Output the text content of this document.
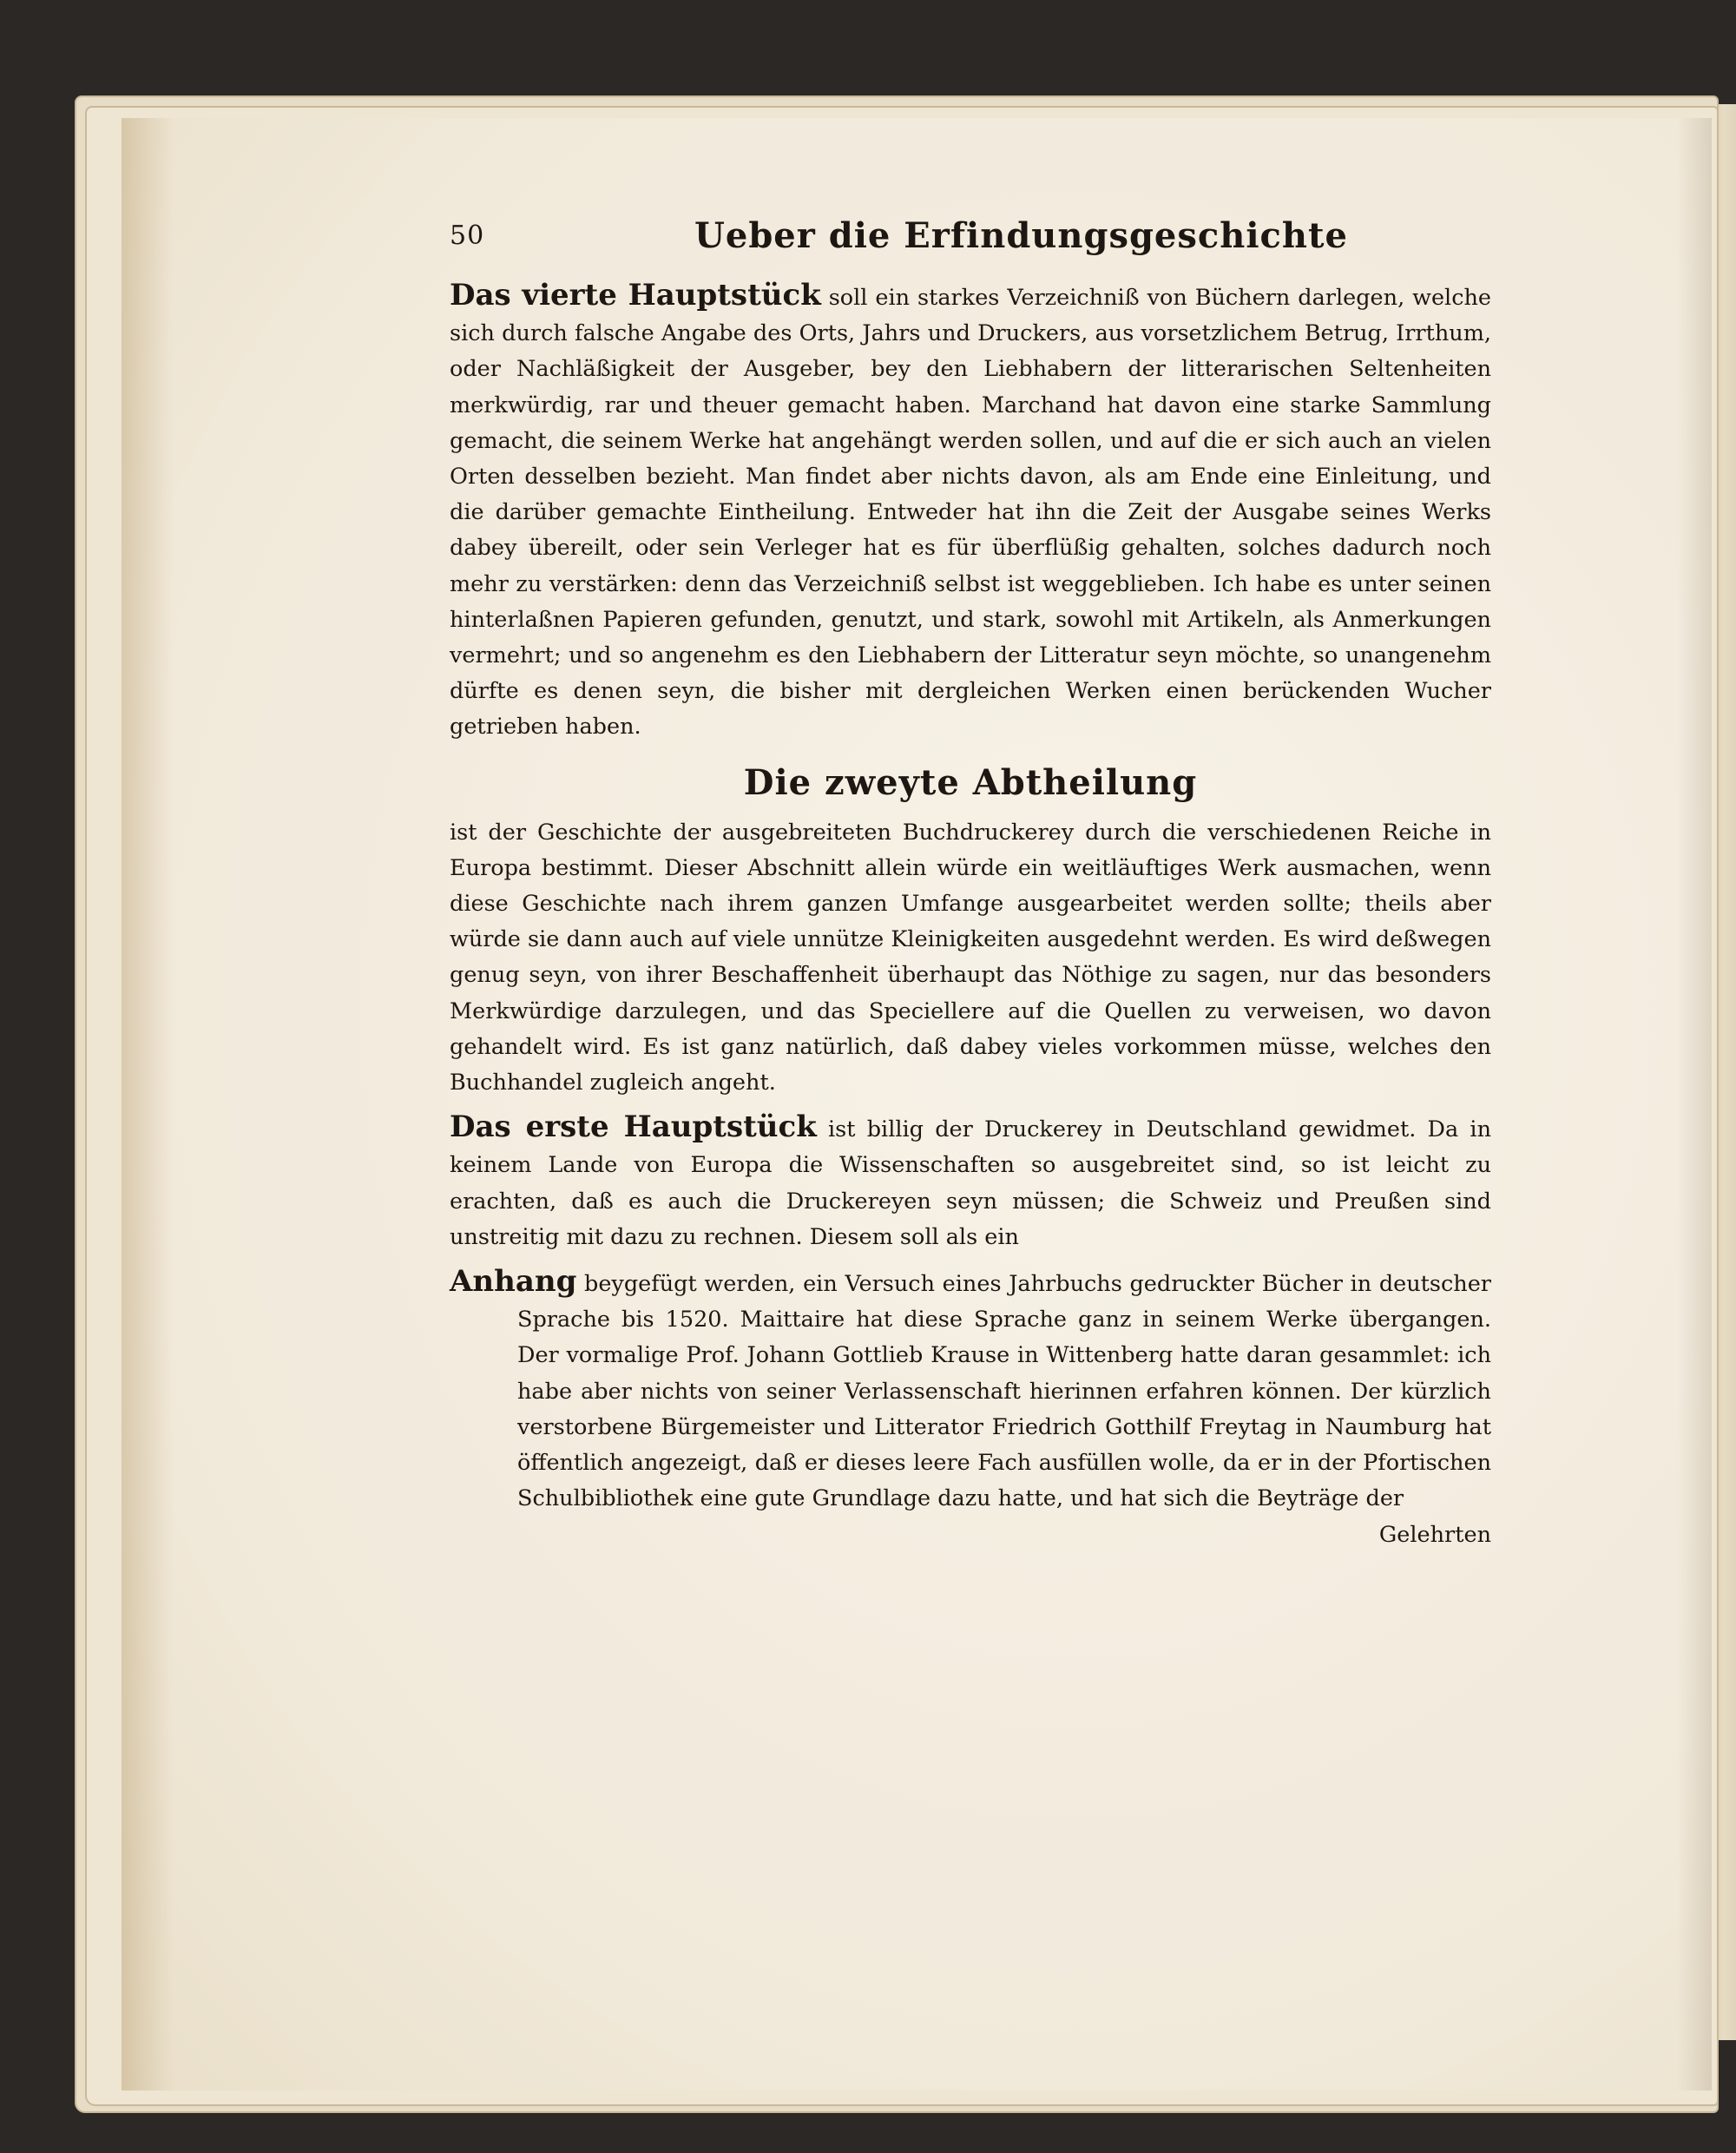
50	Ueber die Erfindungsgeschichte

Das vierte Hauptstück soll ein starkes Verzeichniß von Büchern darlegen, welche sich durch falsche Angabe des Orts, Jahrs und Druckers, aus vorsetzlichem Betrug, Irrthum, oder Nachläßigkeit der Ausgeber, bey den Liebhabern der litterarischen Seltenheiten merkwürdig, rar und theuer gemacht haben. Marchand hat davon eine starke Sammlung gemacht, die seinem Werke hat angehängt werden sollen, und auf die er sich auch an vielen Orten desselben bezieht. Man findet aber nichts davon, als am Ende eine Einleitung, und die darüber gemachte Eintheilung. Entweder hat ihn die Zeit der Ausgabe seines Werks dabey übereilt, oder sein Verleger hat es für überflüßig gehalten, solches dadurch noch mehr zu verstärken: denn das Verzeichniß selbst ist weggeblieben. Ich habe es unter seinen hinterlaßnen Papieren gefunden, genutzt, und stark, sowohl mit Artikeln, als Anmerkungen vermehrt; und so angenehm es den Liebhabern der Litteratur seyn möchte, so unangenehm dürfte es denen seyn, die bisher mit dergleichen Werken einen berückenden Wucher getrieben haben.

Die zweyte Abtheilung

ist der Geschichte der ausgebreiteten Buchdruckerey durch die verschiedenen Reiche in Europa bestimmt. Dieser Abschnitt allein würde ein weitläuftiges Werk ausmachen, wenn diese Geschichte nach ihrem ganzen Umfange ausgearbeitet werden sollte; theils aber würde sie dann auch auf viele unnütze Kleinigkeiten ausgedehnt werden. Es wird deßwegen genug seyn, von ihrer Beschaffenheit überhaupt das Nöthige zu sagen, nur das besonders Merkwürdige darzulegen, und das Speciellere auf die Quellen zu verweisen, wo davon gehandelt wird. Es ist ganz natürlich, daß dabey vieles vorkommen müsse, welches den Buchhandel zugleich angeht.

Das erste Hauptstück ist billig der Druckerey in Deutschland gewidmet. Da in keinem Lande von Europa die Wissenschaften so ausgebreitet sind, so ist leicht zu erachten, daß es auch die Druckereyen seyn müssen; die Schweiz und Preußen sind unstreitig mit dazu zu rechnen. Diesem soll als ein

Anhang beygefügt werden, ein Versuch eines Jahrbuchs gedruckter Bücher in deutscher Sprache bis 1520. Maittaire hat diese Sprache ganz in seinem Werke übergangen. Der vormalige Prof. Johann Gottlieb Krause in Wittenberg hatte daran gesammlet: ich habe aber nichts von seiner Verlassenschaft hierinnen erfahren können. Der kürzlich verstorbene Bürgemeister und Litterator Friedrich Gotthilf Freytag in Naumburg hat öffentlich angezeigt, daß er dieses leere Fach ausfüllen wolle, da er in der Pfortischen Schulbibliothek eine gute Grundlage dazu hatte, und hat sich die Beyträge der

Gelehrten
